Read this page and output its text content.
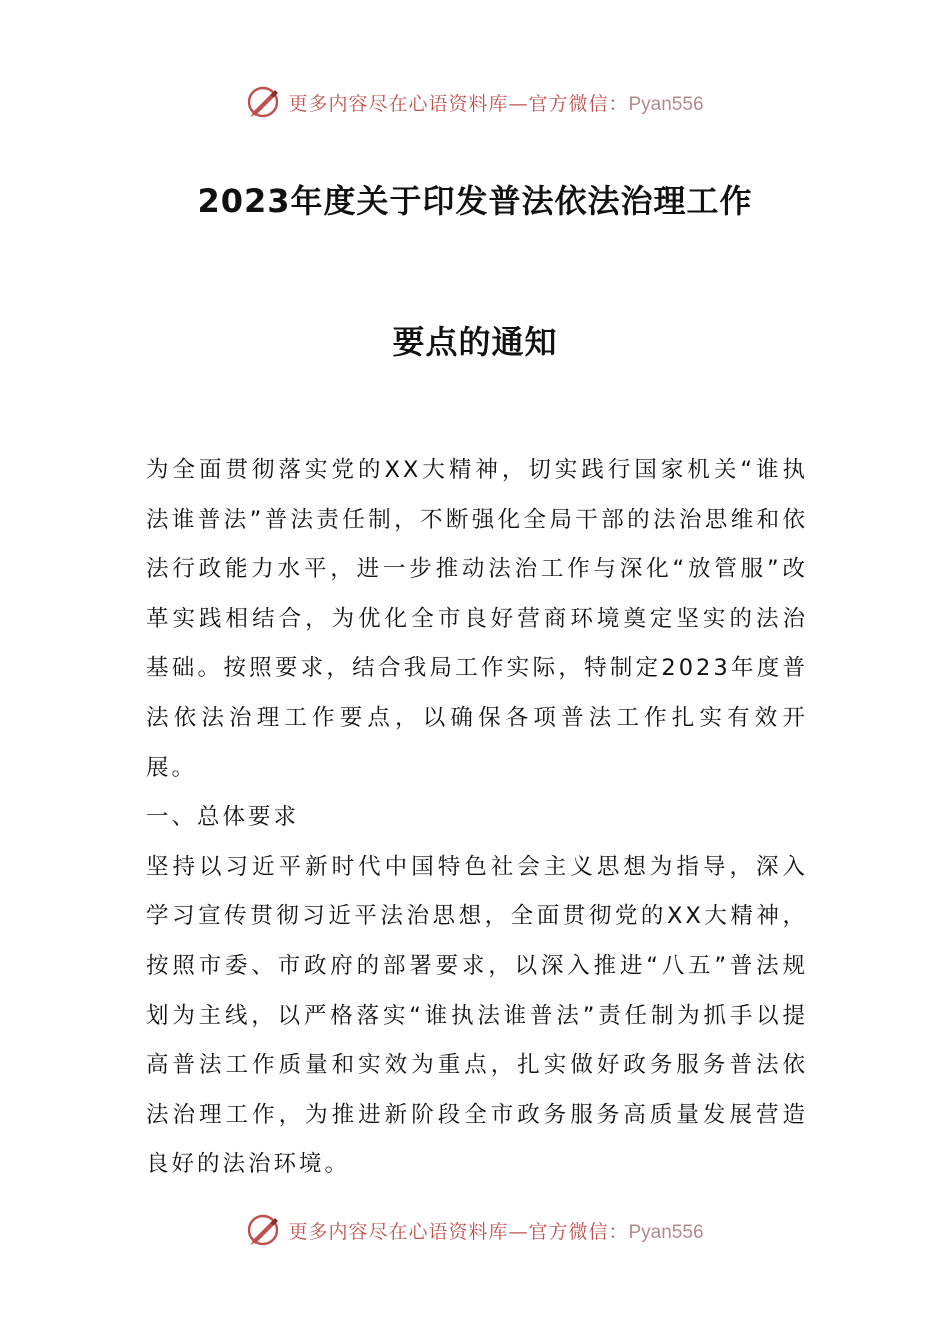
更多内容尽在心语资料库—官方微信：Pyan556
2023年度关于印发普法依法治理工作
要点的通知

为全面贯彻落实党的XX大精神，切实践行国家机关“谁执法谁普法”普法责任制，不断强化全局干部的法治思维和依法行政能力水平，进一步推动法治工作与深化“放管服”改革实践相结合，为优化全市良好营商环境奠定坚实的法治基础。按照要求，结合我局工作实际，特制定2023年度普法依法治理工作要点，以确保各项普法工作扎实有效开展。

一、总体要求

坚持以习近平新时代中国特色社会主义思想为指导，深入学习宣传贯彻习近平法治思想，全面贯彻党的XX大精神，按照市委、市政府的部署要求，以深入推进“八五”普法规划为主线，以严格落实“谁执法谁普法”责任制为抓手以提高普法工作质量和实效为重点，扎实做好政务服务普法依法治理工作，为推进新阶段全市政务服务高质量发展营造良好的法治环境。

更多内容尽在心语资料库—官方微信：Pyan556
